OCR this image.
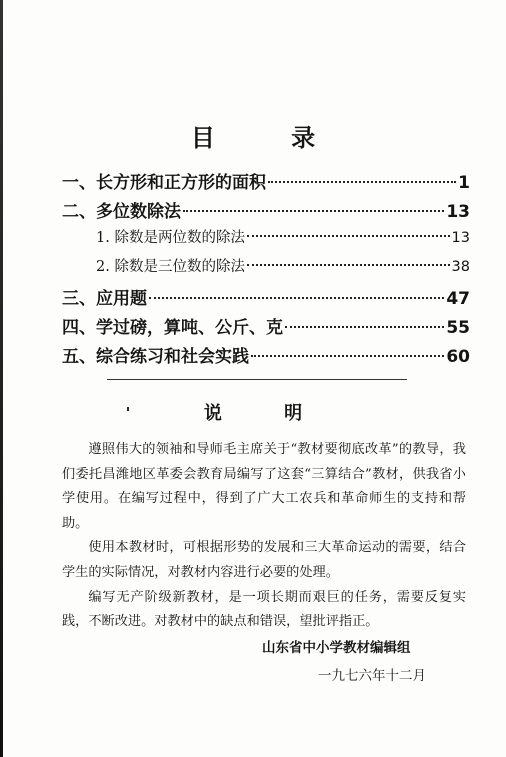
目 录
一、长方形和正方形的面积	1
二、多位数除法	13
1. 除数是两位数的除法	13
2. 除数是三位数的除法	38
三、应用题	47
四、学过磅，算吨、公斤、克	55
五、综合练习和社会实践	60
说 明

遵照伟大的领袖和导师毛主席关于“教材要彻底改革”的教导，我们委托昌潍地区革委会教育局编写了这套“三算结合”教材，供我省小学使用。在编写过程中，得到了广大工农兵和革命师生的支持和帮助。

使用本教材时，可根据形势的发展和三大革命运动的需要，结合学生的实际情况，对教材内容进行必要的处理。

编写无产阶级新教材，是一项长期而艰巨的任务，需要反复实践，不断改进。对教材中的缺点和错误，望批评指正。

山东省中小学教材编辑组
一九七六年十二月
